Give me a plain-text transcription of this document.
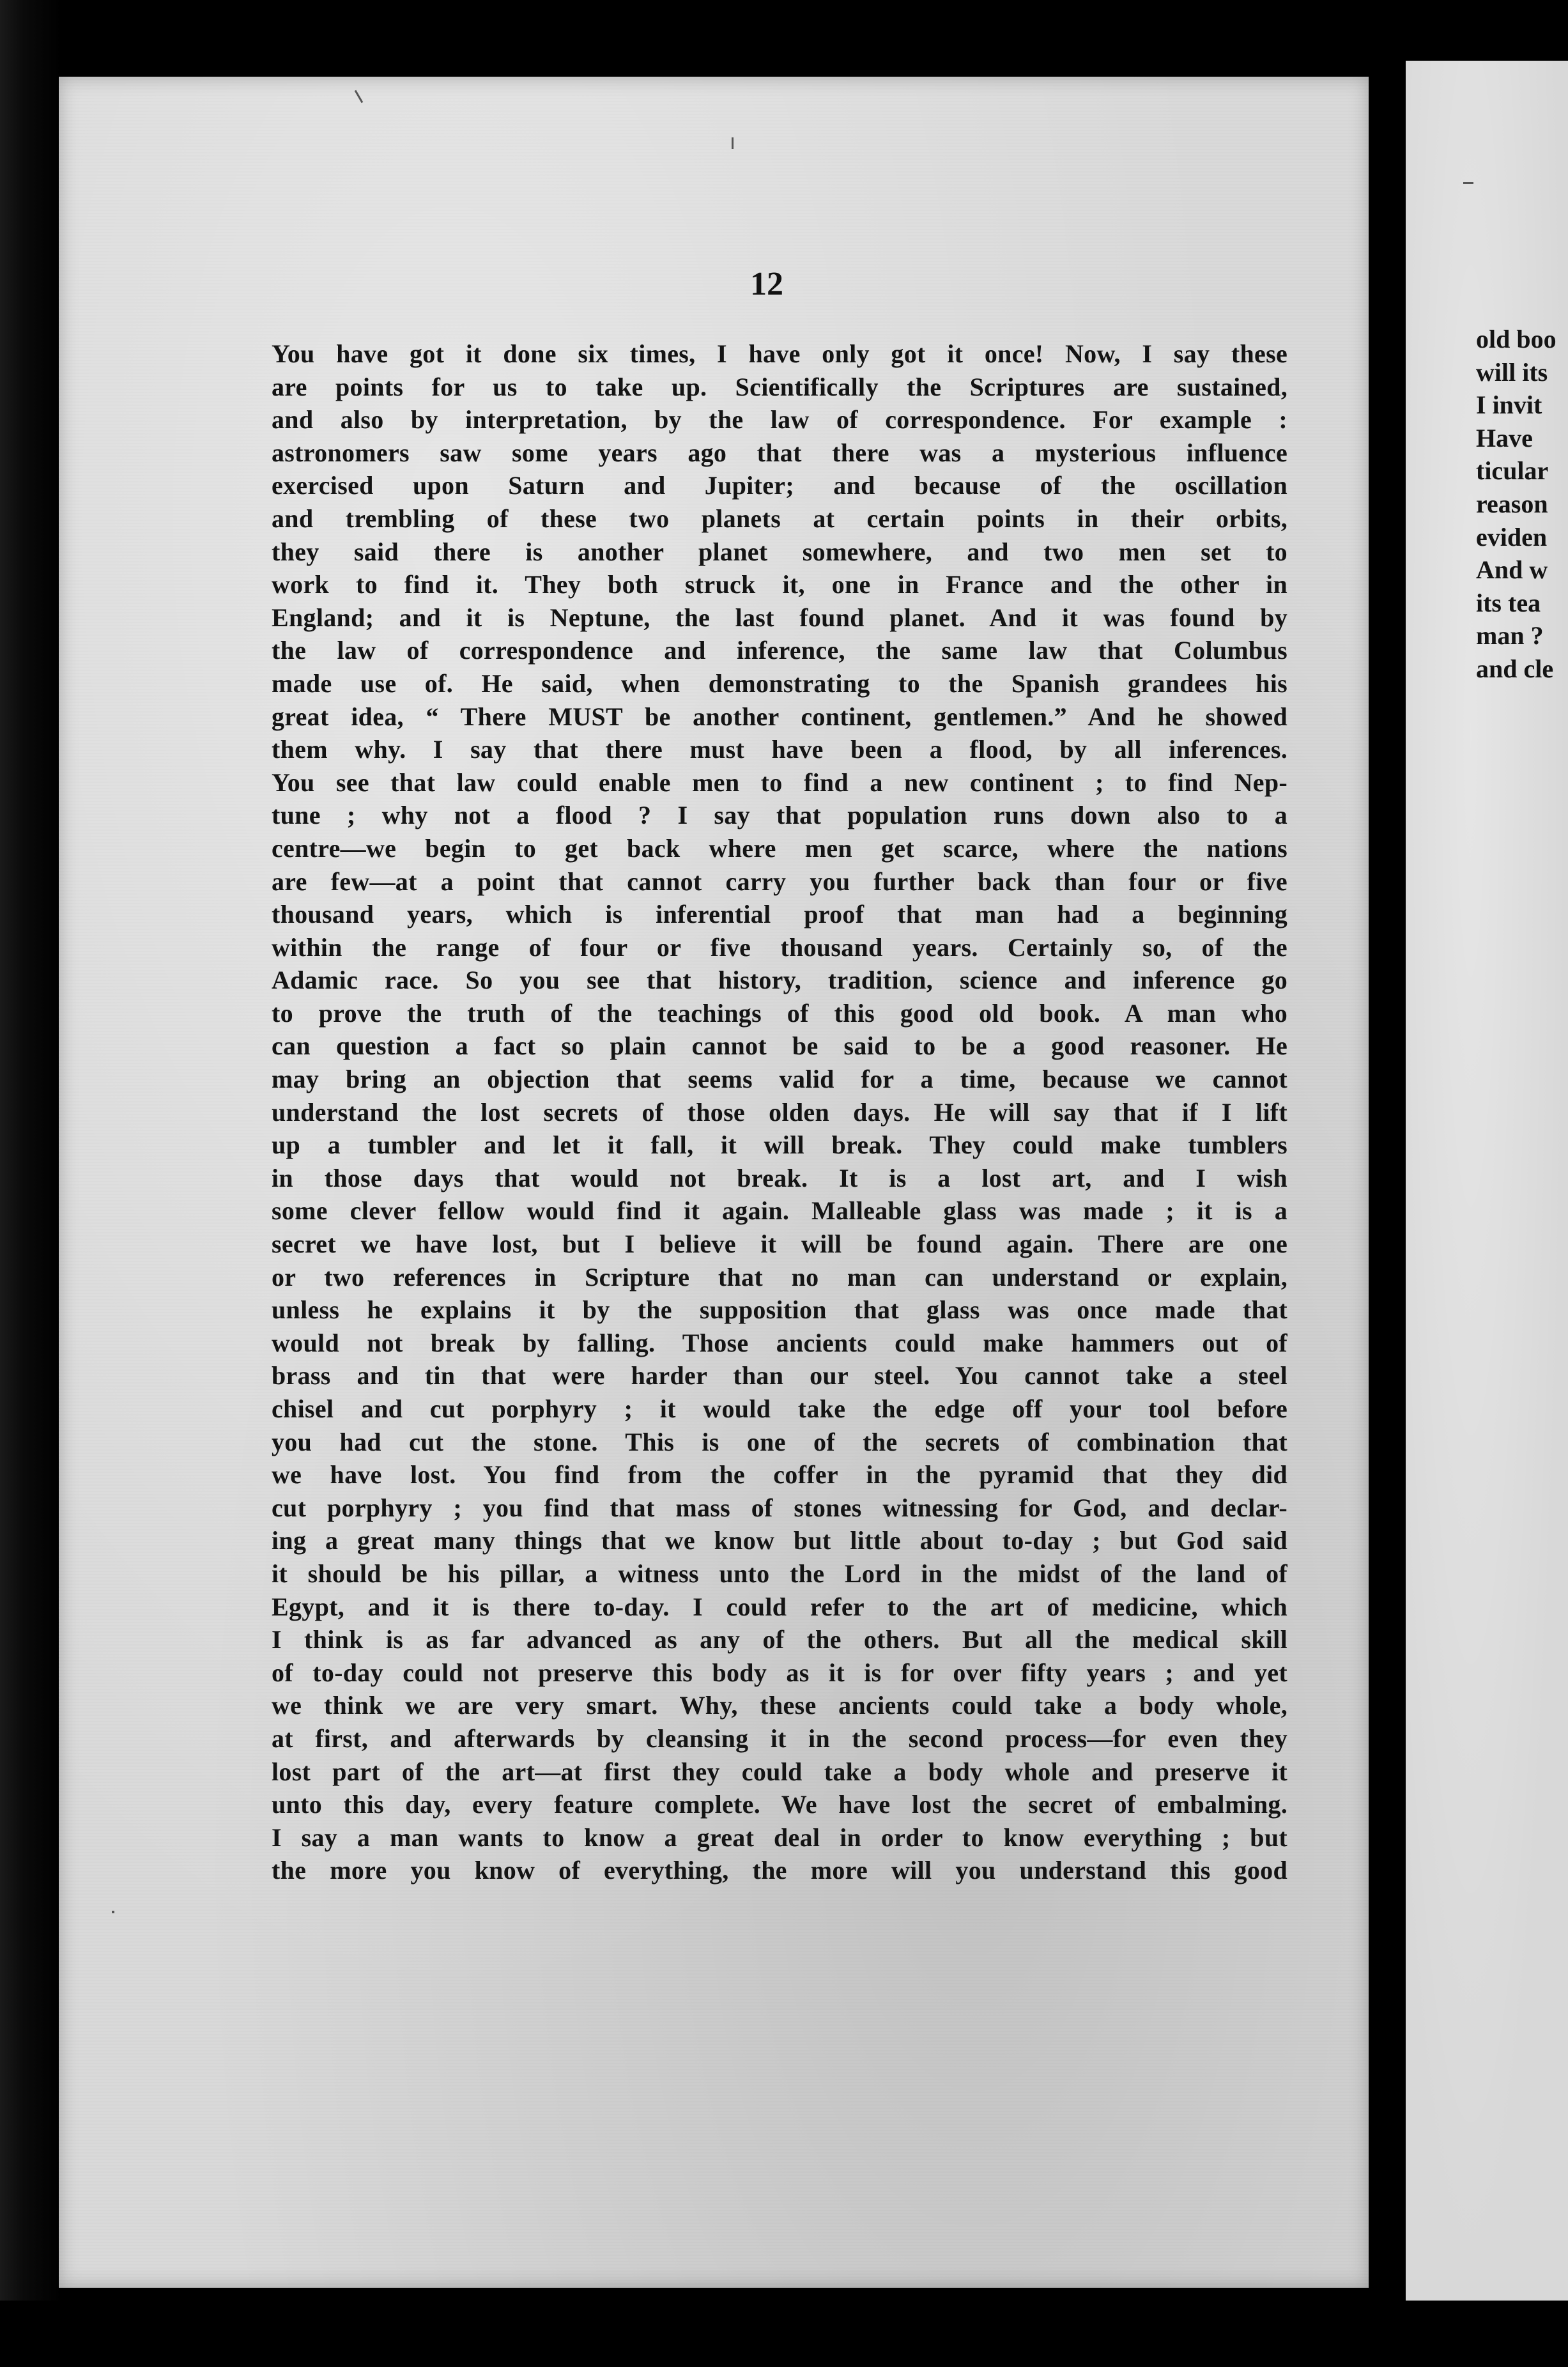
12
You have got it done six times, I have only got it once! Now, I say these
are points for us to take up. Scientifically the Scriptures are sustained,
and also by interpretation, by the law of correspondence. For example :
astronomers saw some years ago that there was a mysterious influence
exercised upon Saturn and Jupiter; and because of the oscillation
and trembling of these two planets at certain points in their orbits,
they said there is another planet somewhere, and two men set to
work to find it. They both struck it, one in France and the other in
England; and it is Neptune, the last found planet. And it was found by
the law of correspondence and inference, the same law that Columbus
made use of. He said, when demonstrating to the Spanish grandees his
great idea, “ There MUST be another continent, gentlemen.” And he showed
them why. I say that there must have been a flood, by all inferences.
You see that law could enable men to find a new continent ; to find Nep-
tune ; why not a flood ? I say that population runs down also to a
centre—we begin to get back where men get scarce, where the nations
are few—at a point that cannot carry you further back than four or five
thousand years, which is inferential proof that man had a beginning
within the range of four or five thousand years. Certainly so, of the
Adamic race. So you see that history, tradition, science and inference go
to prove the truth of the teachings of this good old book. A man who
can question a fact so plain cannot be said to be a good reasoner. He
may bring an objection that seems valid for a time, because we cannot
understand the lost secrets of those olden days. He will say that if I lift
up a tumbler and let it fall, it will break. They could make tumblers
in those days that would not break. It is a lost art, and I wish
some clever fellow would find it again. Malleable glass was made ; it is a
secret we have lost, but I believe it will be found again. There are one
or two references in Scripture that no man can understand or explain,
unless he explains it by the supposition that glass was once made that
would not break by falling. Those ancients could make hammers out of
brass and tin that were harder than our steel. You cannot take a steel
chisel and cut porphyry ; it would take the edge off your tool before
you had cut the stone. This is one of the secrets of combination that
we have lost. You find from the coffer in the pyramid that they did
cut porphyry ; you find that mass of stones witnessing for God, and declar-
ing a great many things that we know but little about to-day ; but God said
it should be his pillar, a witness unto the Lord in the midst of the land of
Egypt, and it is there to-day. I could refer to the art of medicine, which
I think is as far advanced as any of the others. But all the medical skill
of to-day could not preserve this body as it is for over fifty years ; and yet
we think we are very smart. Why, these ancients could take a body whole,
at first, and afterwards by cleansing it in the second process—for even they
lost part of the art—at first they could take a body whole and preserve it
unto this day, every feature complete. We have lost the secret of embalming.
I say a man wants to know a great deal in order to know everything ; but
the more you know of everything, the more will you understand this good
old boo
will its
I invit
Have
ticular
reason
eviden
And w
its tea
man ?
and cle
